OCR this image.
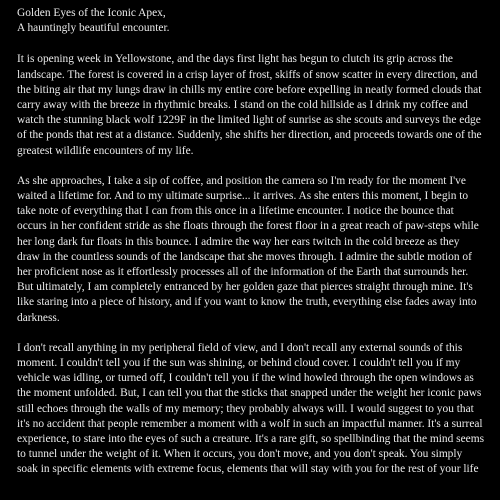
Golden Eyes of the Iconic Apex,
A hauntingly beautiful encounter.
It is opening week in Yellowstone, and the days first light has begun to clutch its grip across the
landscape. The forest is covered in a crisp layer of frost, skiffs of snow scatter in every direction, and
the biting air that my lungs draw in chills my entire core before expelling in neatly formed clouds that
carry away with the breeze in rhythmic breaks. I stand on the cold hillside as I drink my coffee and
watch the stunning black wolf 1229F in the limited light of sunrise as she scouts and surveys the edge
of the ponds that rest at a distance. Suddenly, she shifts her direction, and proceeds towards one of the
greatest wildlife encounters of my life.
As she approaches, I take a sip of coffee, and position the camera so I'm ready for the moment I've
waited a lifetime for. And to my ultimate surprise... it arrives. As she enters this moment, I begin to
take note of everything that I can from this once in a lifetime encounter. I notice the bounce that
occurs in her confident stride as she floats through the forest floor in a great reach of paw-steps while
her long dark fur floats in this bounce. I admire the way her ears twitch in the cold breeze as they
draw in the countless sounds of the landscape that she moves through. I admire the subtle motion of
her proficient nose as it effortlessly processes all of the information of the Earth that surrounds her.
But ultimately, I am completely entranced by her golden gaze that pierces straight through mine. It's
like staring into a piece of history, and if you want to know the truth, everything else fades away into
darkness.
I don't recall anything in my peripheral field of view, and I don't recall any external sounds of this
moment. I couldn't tell you if the sun was shining, or behind cloud cover. I couldn't tell you if my
vehicle was idling, or turned off, I couldn't tell you if the wind howled through the open windows as
the moment unfolded. But, I can tell you that the sticks that snapped under the weight her iconic paws
still echoes through the walls of my memory; they probably always will. I would suggest to you that
it's no accident that people remember a moment with a wolf in such an impactful manner. It's a surreal
experience, to stare into the eyes of such a creature. It's a rare gift, so spellbinding that the mind seems
to tunnel under the weight of it. When it occurs, you don't move, and you don't speak. You simply
soak in specific elements with extreme focus, elements that will stay with you for the rest of your life
